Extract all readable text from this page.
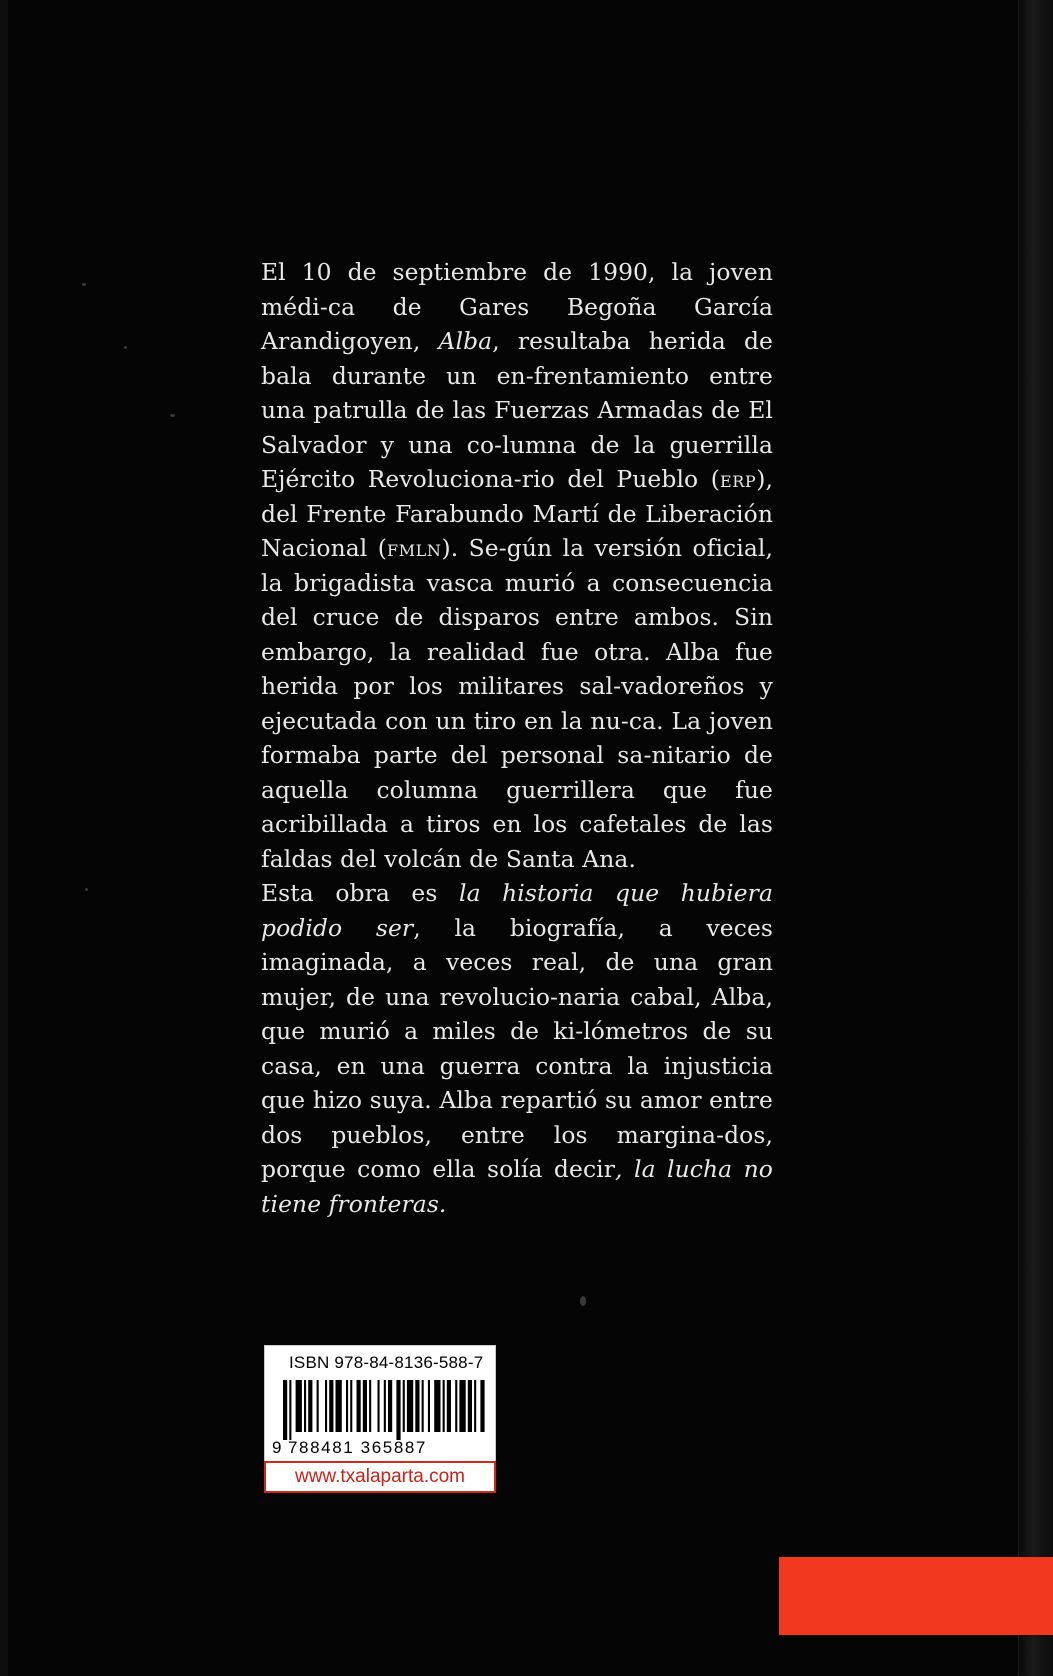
El 10 de septiembre de 1990, la joven médi-ca de Gares Begoña García Arandigoyen, Alba, resultaba herida de bala durante un en-frentamiento entre una patrulla de las Fuerzas Armadas de El Salvador y una co-lumna de la guerrilla Ejército Revoluciona-rio del Pueblo (erp), del Frente Farabundo Martí de Liberación Nacional (fmln). Se-gún la versión oficial, la brigadista vasca murió a consecuencia del cruce de disparos entre ambos. Sin embargo, la realidad fue otra. Alba fue herida por los militares sal-vadoreños y ejecutada con un tiro en la nu-ca. La joven formaba parte del personal sa-nitario de aquella columna guerrillera que fue acribillada a tiros en los cafetales de las faldas del volcán de Santa Ana.

Esta obra es la historia que hubiera podido ser, la biografía, a veces imaginada, a veces real, de una gran mujer, de una revolucio-naria cabal, Alba, que murió a miles de ki-lómetros de su casa, en una guerra contra la injusticia que hizo suya. Alba repartió su amor entre dos pueblos, entre los margina-dos, porque como ella solía decir, la lucha no tiene fronteras.

ISBN 978-84-8136-588-7
9 788481 365887
www.txalaparta.com
